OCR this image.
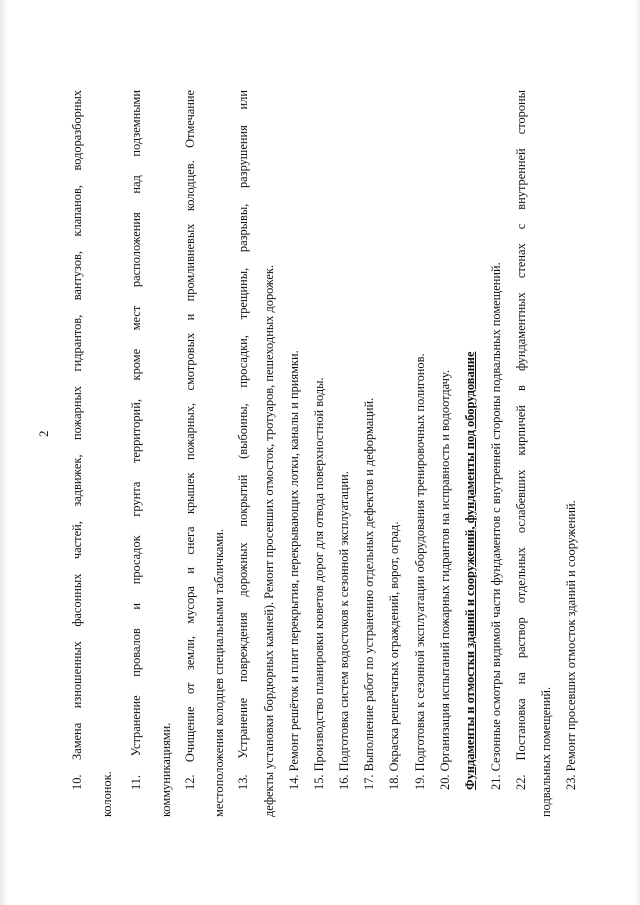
2 10. Замена изношенных фасонных частей, задвижек, пожарных гидрантов, вантузов, клапанов, водоразборных
колонок.
11. Устранение провалов и просадок грунта территорий, кроме мест расположения над подземными коммуникациями. 12. Очищение от земли, мусора и снега крышек пожарных, смотровых и промливневых колодцев. Отмечание местоположения колодцев специальными табличками. 13. Устранение повреждения дорожных покрытий (выбоины, просадки, трещины, разрывы, разрушения или дефекты установки бордюрных камней). Ремонт просевших отмосток, тротуаров, пешеходных дорожек. 14. Ремонт решёток и плит перекрытия, перекрывающих лотки, каналы и приямки. 15. Производство планировки кюветов дорог для отвода поверхностной воды. 16. Подготовка систем водостоков к сезонной эксплуатации. 17. Выполнение работ по устранению отдельных дефектов и деформаций. 18. Окраска решетчатых ограждений, ворот, оград. 19. Подготовка к сезонной эксплуатации оборудования тренировочных полигонов. 20. Организация испытаний пожарных гидрантов на исправность и водоотдачу. Фундаменты и отмостки зданий и сооружений, фундаменты под оборудование 21. Сезонные осмотры видимой части фундаментов с внутренней стороны подвальных помещений. 22. Постановка на раствор отдельных ослабевших кирпичей в фундаментных стенах с внутренней стороны подвальных помещений. 23. Ремонт просевших отмосток зданий и сооружений.
